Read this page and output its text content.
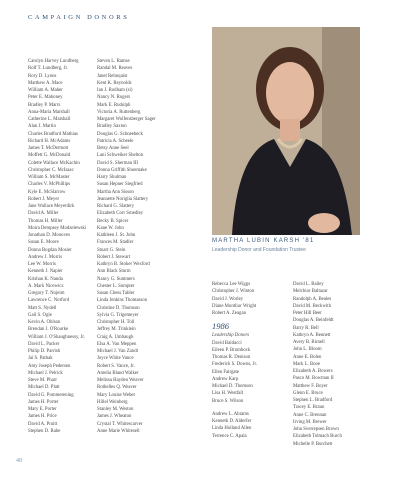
CAMPAIGN DONORS
Carolyn Harvey Lundberg
Rolf T. Lundberg, Jr.
Rory D. Lyons
Matthew A. Mace
William A. Maher
Peter E. Mahoney
Bradley P. Marrs
Anna-Maria Marshall
Catherine L. Marshall
Alan J. Martin
Charles Bradford Mathias
Richard H. McAdams
James T. McDermott
Moffett G. McDonald
Colette Wallace McKachin
Christopher C. McIsaac
William S. McMaster
Charles V. McPhillips
Kyle E. McSlarrow
Robert J. Meyer
Jane Wallace Meyerdirk
David A. Miller
Thomas H. Miller
Moira Dempsey Modzelewski
Jonathan D. Moonves
Susan E. Moore
Donna Bogdan Mosier
Andrew J. Morris
Lee W. Morris
Kenneth J. Napier
Krishan K. Nanda
A. Mark Nicewicz
Gregory T. Nojeim
Lawrence C. Norford
Matt S. Nydell
Gail S. Ogle
Kevin A. Ohlson
Brendan J. O'Rourke
William J. O'Shaughnessy, Jr.
David L. Packer
Philip D. Parrish
Jai S. Pathak
Amy Joseph Pedersen
Michael J. Pelrick
Steve M. Pharr
Michael D. Platt
David G. Pommerening
James H. Porter
Mary E. Porter
James H. Price
David A. Pruitt
Stephen D. Rabe
Steven L. Ramse
Randal M. Reaves
Janet Rehnquist
Kent K. Reynolds
Ian J. Rodham (si)
Nancy N. Rogers
Mark E. Rudolph
Victoria A. Ruttenberg
Margaret Wolfensberger Sager
Bradley Saxton
Douglas G. Schneebeck
Patricia A. Scheele
Betsy Anne Seel
Lani Schweiker Shelton
David S. Sherman III
Donna Griffith Shoemake
Harry Shulman
Susan Hepner Siegfried
Martha Ann Sisson
Jeannette Noriglia Slattery
Richard G. Slattery
Elizabeth Corr Smedley
Becky B. Spicer
Kane W. John
Kathleen J. St. John
Frances M. Stadler
Stuart G. Stein
Robert J. Stewart
Kathryn B. Stoker Wexford
Ann Black Sturm
Nancy G. Summers
Chester L. Sumpter
Susan Chess Tabler
Linda Jenkins Thomasson
Christine D. Thomson
Sylvia G. Trigemeyer
Christopher H. Toll
Jeffrey M. Trinklein
Craig A. Umbaugh
Elsa A. Van Meppen
Michael J. Van Zandt
Joyce White Vance
Robert S. Vance, Jr.
Amelia Bland Walker
Melissa Hayden Weaver
Rothelles Q. Weaver
Mary Louise Weber
Hillel Weinberg
Stanley M. Weston
James J. Wheaton
Crystal T. Whitescarver
Anne Marie Whitesell
MARTHA LUBIN KARSH '81
Leadership Donor and Foundation Trustee
Rebecca Lee Wiggs
Christopher J. Winton
David J. Worley
Diane Montlior Wright
Robert A. Zeagan
1986
Leadership Donors
David Baldacci
Eileen P. Brombock
Thomas R. Denison
Frederick S. Downs, Jr.
Ellen Fairgate
Andrew Karp
Michael D. Thomson
Lisa H. Westfall
Bruce S. Wilson
Andrew L. Abrams
Kenneth D. Alderfer
Linda Holland Allen
Terrence C. Apala
David L. Bailey
Melchior Baltazar
Randolph A. Beales
David M. Beckwith
Peter Hill Beer
Douglas A. Beinfeldt
Barry R. Bell
Kathryn A. Bennett
Avery B. Birnell
John L. Bloom
Anne E. Bolen
Mark L. Booe
Elizabeth A. Bowers
Pasco M. Bowman II
Matthew F. Boyer
Glenn E. Bruce
Stephen L. Bradford
Tracey E. Braun
Anne C. Brennan
Irving M. Brewer
John Sverrepsen Brown
Elizabeth Tolmach Burch
Michelle P. Burchett
48
